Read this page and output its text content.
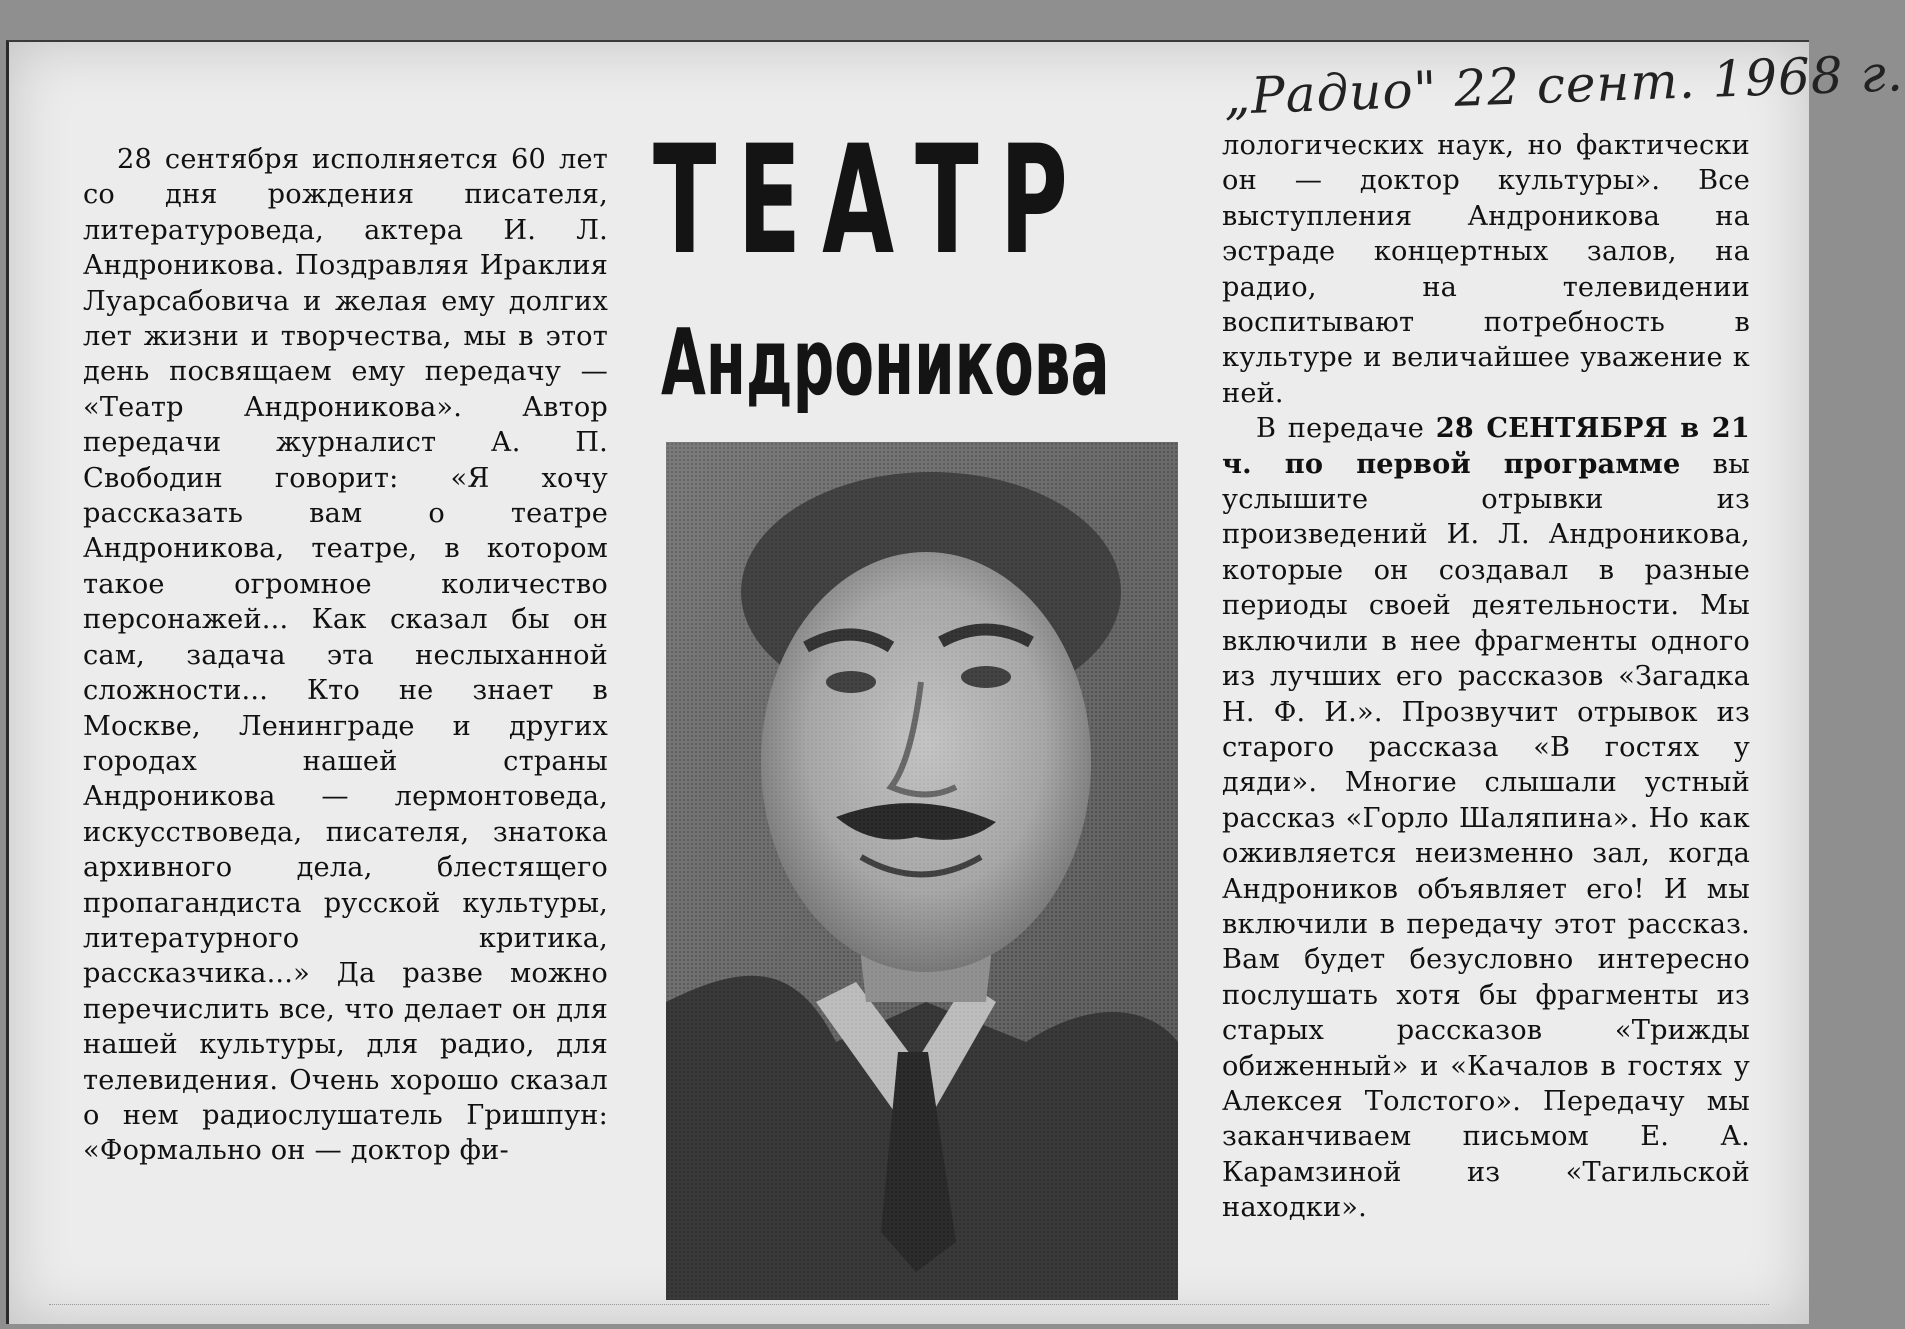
„Радио" 22 сент. 1968 г.

28 сентября исполняется 60 лет со дня рождения писателя, литературоведа, актера И. Л. Андроникова. Поздравляя Ираклия Луарсабовича и желая ему долгих лет жизни и творчества, мы в этот день посвящаем ему передачу — «Театр Андроникова». Автор передачи журналист А. П. Свободин говорит: «Я хочу рассказать вам о театре Андроникова, театре, в котором такое огромное количество персонажей... Как сказал бы он сам, задача эта неслыханной сложности... Кто не знает в Москве, Ленинграде и других городах нашей страны Андроникова — лермонтоведа, искусствоведа, писателя, знатока архивного дела, блестящего пропагандиста русской культуры, литературного критика, рассказчика...» Да разве можно перечислить все, что делает он для нашей культуры, для радио, для телевидения. Очень хорошо сказал о нем радиослушатель Гришпун: «Формально он — доктор фи-

ТЕАТР
Андроникова

лологических наук, но фактически он — доктор культуры». Все выступления Андроникова на эстраде концертных залов, на радио, на телевидении воспитывают потребность в культуре и величайшее уважение к ней.

В передаче 28 СЕНТЯБРЯ в 21 ч. по первой программе вы услышите отрывки из произведений И. Л. Андроникова, которые он создавал в разные периоды своей деятельности. Мы включили в нее фрагменты одного из лучших его рассказов «Загадка Н. Ф. И.». Прозвучит отрывок из старого рассказа «В гостях у дяди». Многие слышали устный рассказ «Горло Шаляпина». Но как оживляется неизменно зал, когда Андроников объявляет его! И мы включили в передачу этот рассказ. Вам будет безусловно интересно послушать хотя бы фрагменты из старых рассказов «Трижды обиженный» и «Качалов в гостях у Алексея Толстого». Передачу мы заканчиваем письмом Е. А. Карамзиной из «Тагильской находки».
